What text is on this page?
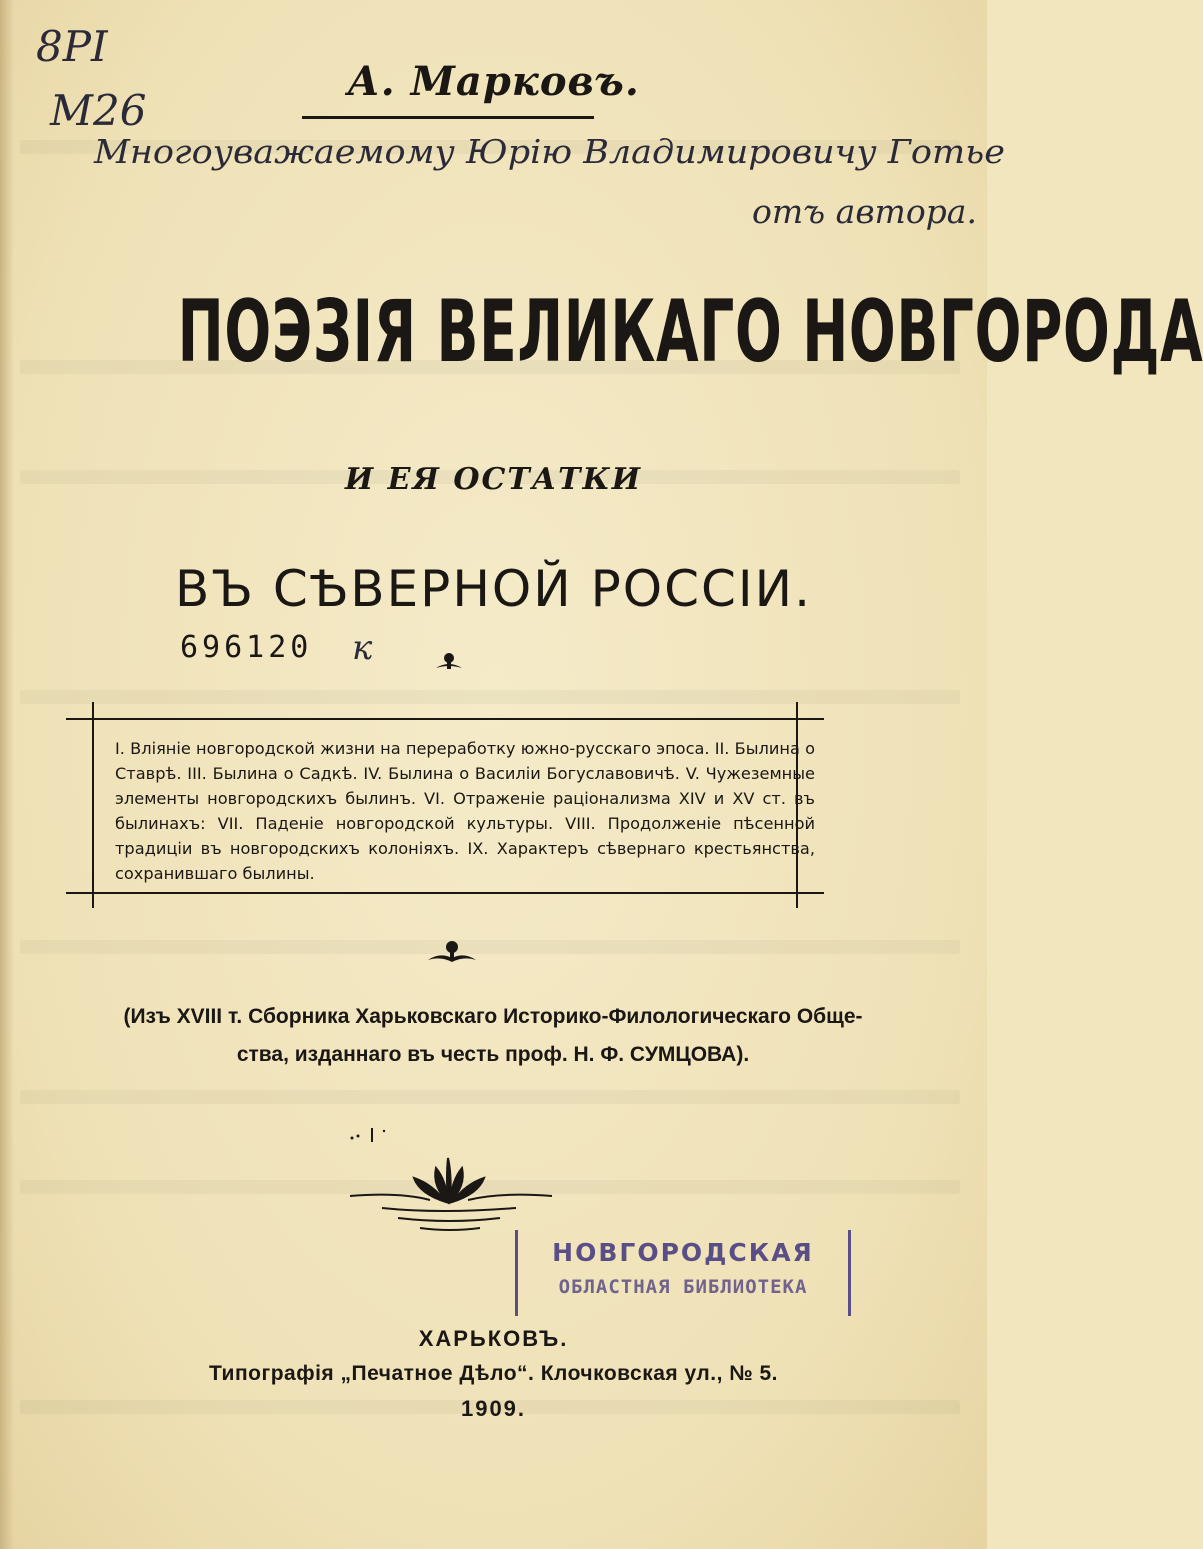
8PI
M26
А. Марковъ.
Многоуважаемому Юрію Владимировичу Готье
отъ автора.
ПОЭЗІЯ ВЕЛИКАГО НОВГОРОДА
И ЕЯ ОСТАТКИ
ВЪ СѢВЕРНОЙ РОССІИ.
696120 к
I. Вліяніе новгородской жизни на переработку южно-русскаго эпоса. II. Былина о Ставрѣ. III. Былина о Садкѣ. IV. Былина о Василіи Богуславовичѣ. V. Чужеземные элементы новгородскихъ былинъ. VI. Отраженіе раціонализма XIV и XV ст. въ былинахъ: VII. Паденіе новгородской культуры. VIII. Продолженіе пѣсенной традиціи въ новгородскихъ колоніяхъ. IX. Характеръ сѣвернаго крестьянства, сохранившаго былины.
(Изъ XVIII т. Сборника Харьковскаго Историко-Филологическаго Обще-
ства, изданнаго въ честь проф. Н. Ф. СУМЦОВА).
НОВГОРОДСКАЯ
ОБЛАСТНАЯ БИБЛИОТЕКА
ХАРЬКОВЪ.
Типографія „Печатное Дѣло“. Клочковская ул., № 5.
1909.
